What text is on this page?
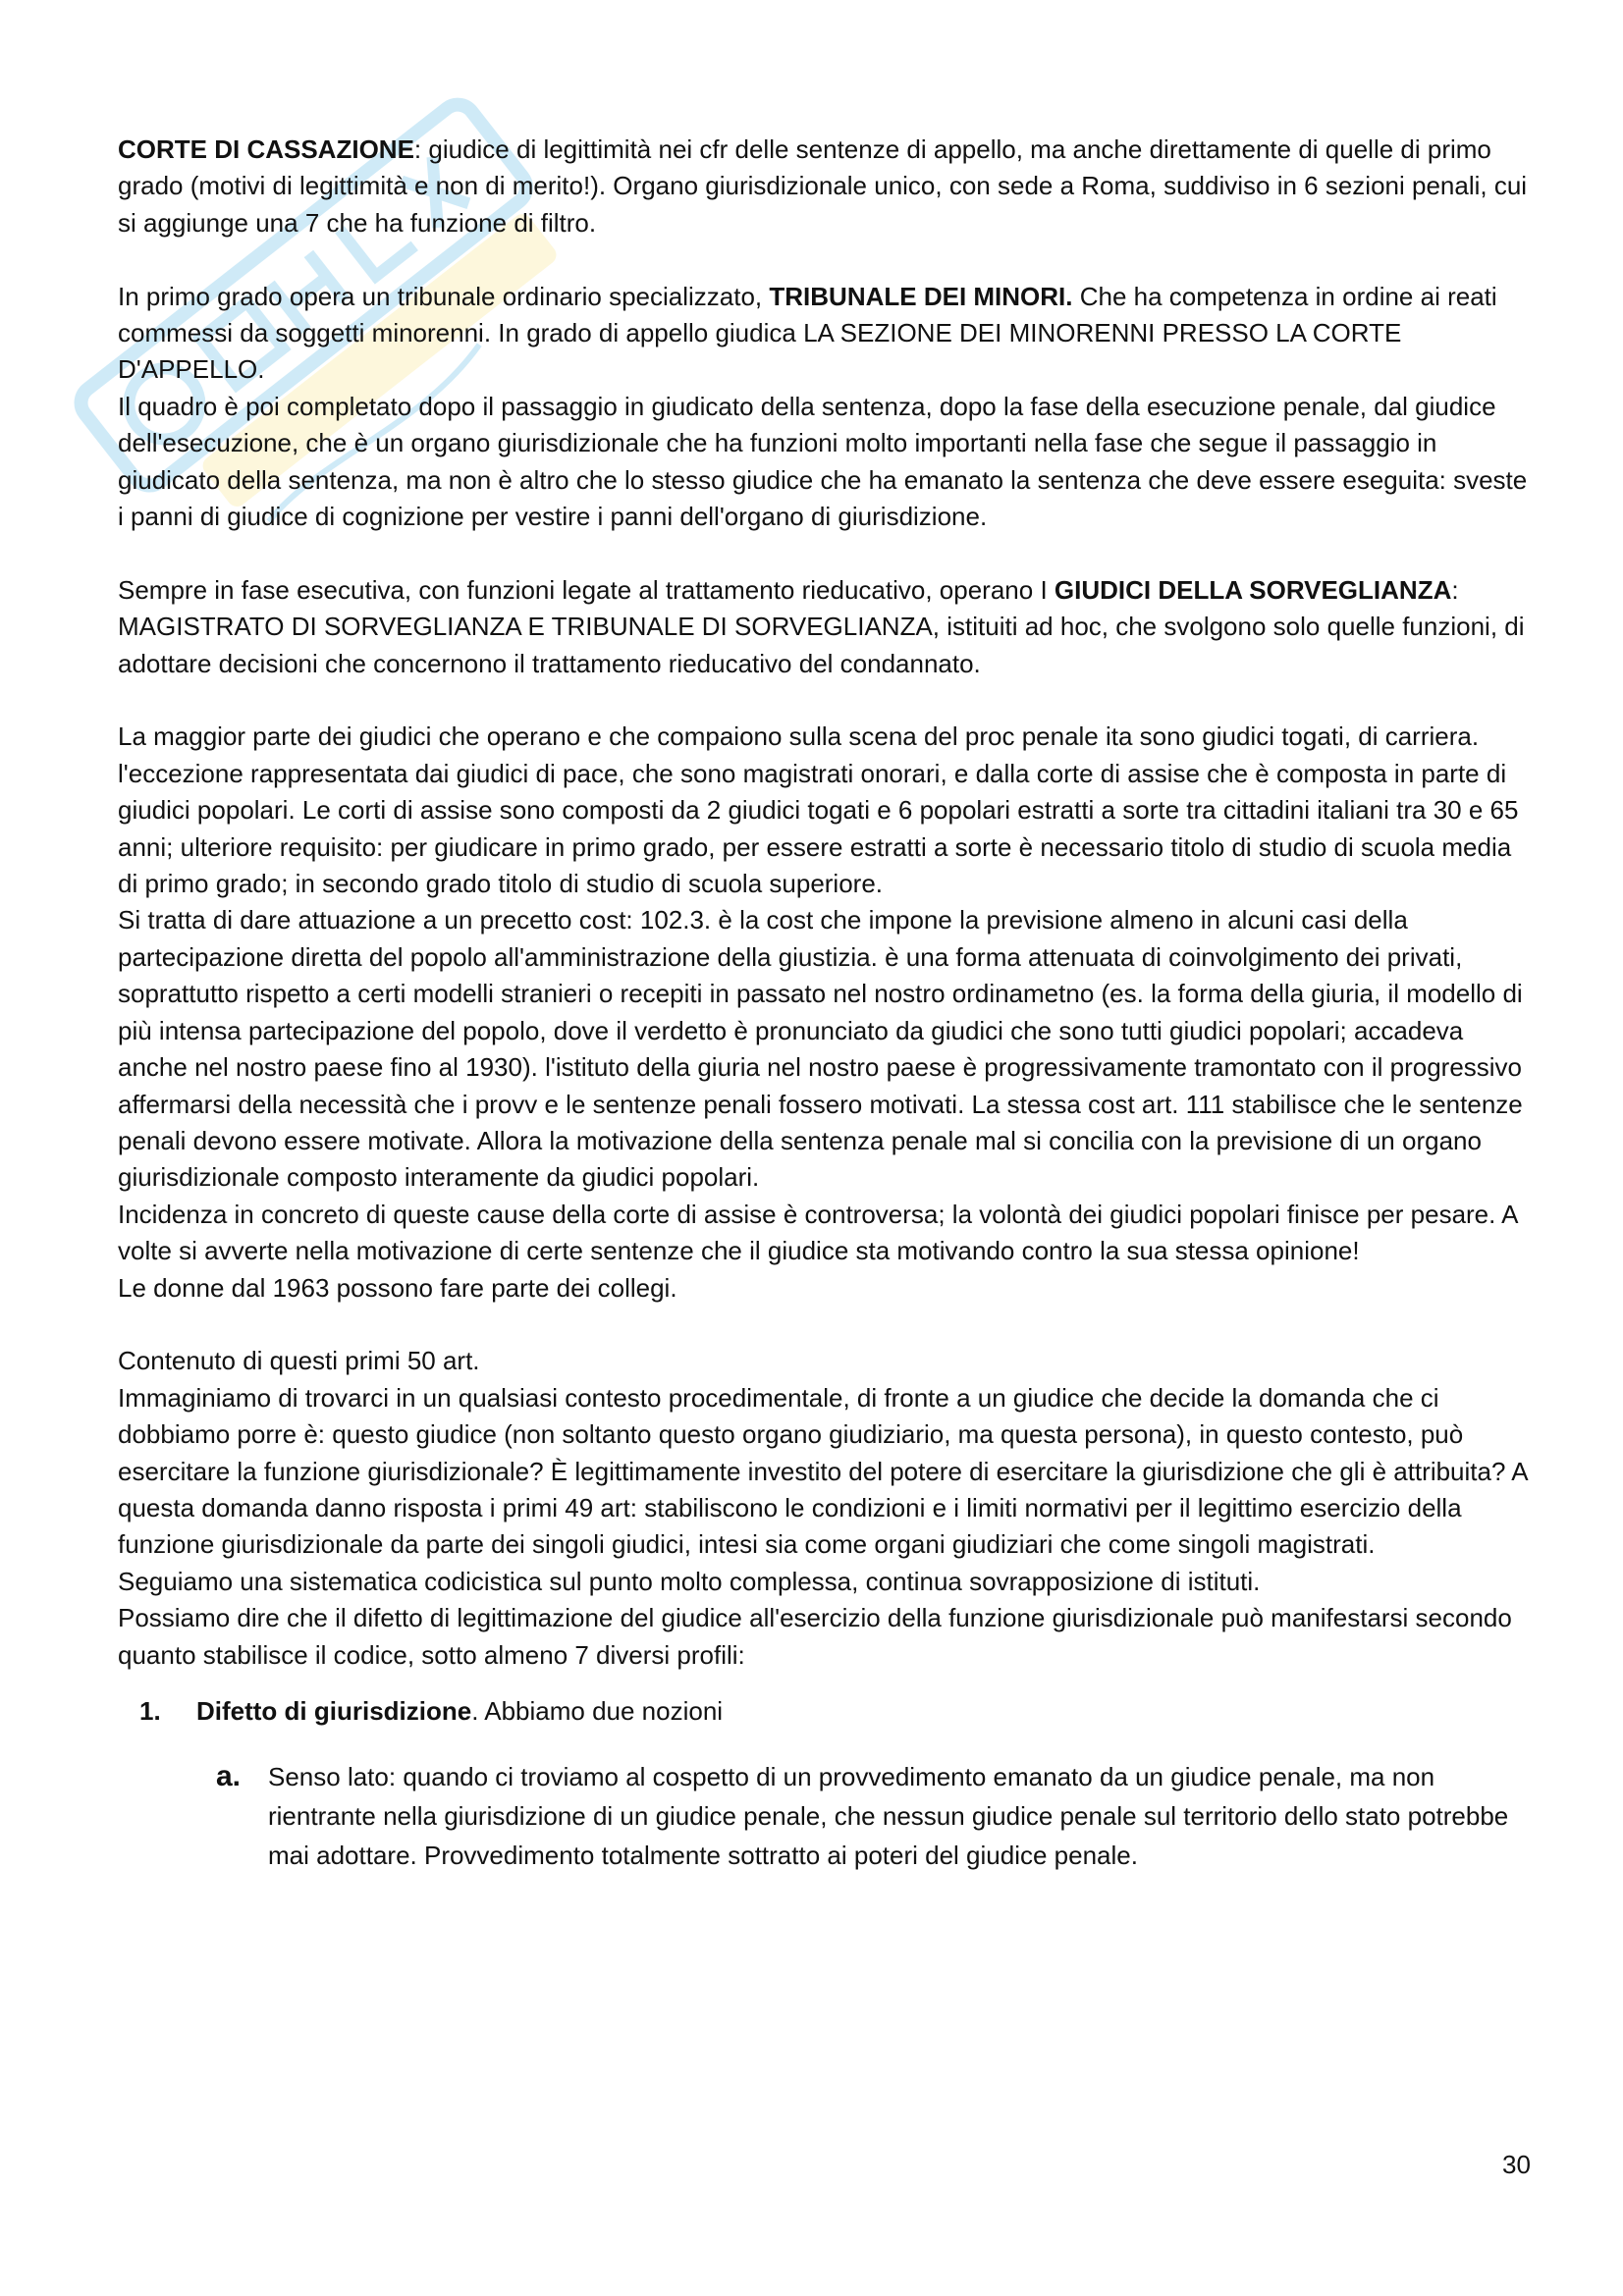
CORTE DI CASSAZIONE: giudice di legittimità nei cfr delle sentenze di appello, ma anche direttamente di quelle di primo grado (motivi di legittimità e non di merito!). Organo giurisdizionale unico, con sede a Roma, suddiviso in 6 sezioni penali, cui si aggiunge una 7 che ha funzione di filtro.

In primo grado opera un tribunale ordinario specializzato, TRIBUNALE DEI MINORI. Che ha competenza in ordine ai reati commessi da soggetti minorenni. In grado di appello giudica LA SEZIONE DEI MINORENNI PRESSO LA CORTE D'APPELLO.

Il quadro è poi completato dopo il passaggio in giudicato della sentenza, dopo la fase della esecuzione penale, dal giudice dell'esecuzione, che è un organo giurisdizionale che ha funzioni molto importanti nella fase che segue il passaggio in giudicato della sentenza, ma non è altro che lo stesso giudice che ha emanato la sentenza che deve essere eseguita: sveste i panni di giudice di cognizione per vestire i panni dell'organo di giurisdizione.

Sempre in fase esecutiva, con funzioni legate al trattamento rieducativo, operano I GIUDICI DELLA SORVEGLIANZA: MAGISTRATO DI SORVEGLIANZA E TRIBUNALE DI SORVEGLIANZA, istituiti ad hoc, che svolgono solo quelle funzioni, di adottare decisioni che concernono il trattamento rieducativo del condannato.

La maggior parte dei giudici che operano e che compaiono sulla scena del proc penale ita sono giudici togati, di carriera. l'eccezione rappresentata dai giudici di pace, che sono magistrati onorari, e dalla corte di assise che è composta in parte di giudici popolari. Le corti di assise sono composti da 2 giudici togati e 6 popolari estratti a sorte tra cittadini italiani tra 30 e 65 anni; ulteriore requisito: per giudicare in primo grado, per essere estratti a sorte è necessario titolo di studio di scuola media di primo grado; in secondo grado titolo di studio di scuola superiore.

Si tratta di dare attuazione a un precetto cost: 102.3. è la cost che impone la previsione almeno in alcuni casi della partecipazione diretta del popolo all'amministrazione della giustizia. è una forma attenuata di coinvolgimento dei privati, soprattutto rispetto a certi modelli stranieri o recepiti in passato nel nostro ordinametno (es. la forma della giuria, il modello di più intensa partecipazione del popolo, dove il verdetto è pronunciato da giudici che sono tutti giudici popolari; accadeva anche nel nostro paese fino al 1930). l'istituto della giuria nel nostro paese è progressivamente tramontato con il progressivo affermarsi della necessità che i provv e le sentenze penali fossero motivati. La stessa cost art. 111 stabilisce che le sentenze penali devono essere motivate. Allora la motivazione della sentenza penale mal si concilia con la previsione di un organo giurisdizionale composto interamente da giudici popolari.

Incidenza in concreto di queste cause della corte di assise è controversa; la volontà dei giudici popolari finisce per pesare. A volte si avverte nella motivazione di certe sentenze che il giudice sta motivando contro la sua stessa opinione!

Le donne dal 1963 possono fare parte dei collegi.

Contenuto di questi primi 50 art.

Immaginiamo di trovarci in un qualsiasi contesto procedimentale, di fronte a un giudice che decide la domanda che ci dobbiamo porre è: questo giudice (non soltanto questo organo giudiziario, ma questa persona), in questo contesto, può esercitare la funzione giurisdizionale? È legittimamente investito del potere di esercitare la giurisdizione che gli è attribuita? A questa domanda danno risposta i primi 49 art: stabiliscono le condizioni e i limiti normativi per il legittimo esercizio della funzione giurisdizionale da parte dei singoli giudici, intesi sia come organi giudiziari che come singoli magistrati.

Seguiamo una sistematica codicistica sul punto molto complessa, continua sovrapposizione di istituti.

Possiamo dire che il difetto di legittimazione del giudice all'esercizio della funzione giurisdizionale può manifestarsi secondo quanto stabilisce il codice, sotto almeno 7 diversi profili:

1. Difetto di giurisdizione. Abbiamo due nozioni
a. Senso lato: quando ci troviamo al cospetto di un provvedimento emanato da un giudice penale, ma non rientrante nella giurisdizione di un giudice penale, che nessun giudice penale sul territorio dello stato potrebbe mai adottare. Provvedimento totalmente sottratto ai poteri del giudice penale.
30
